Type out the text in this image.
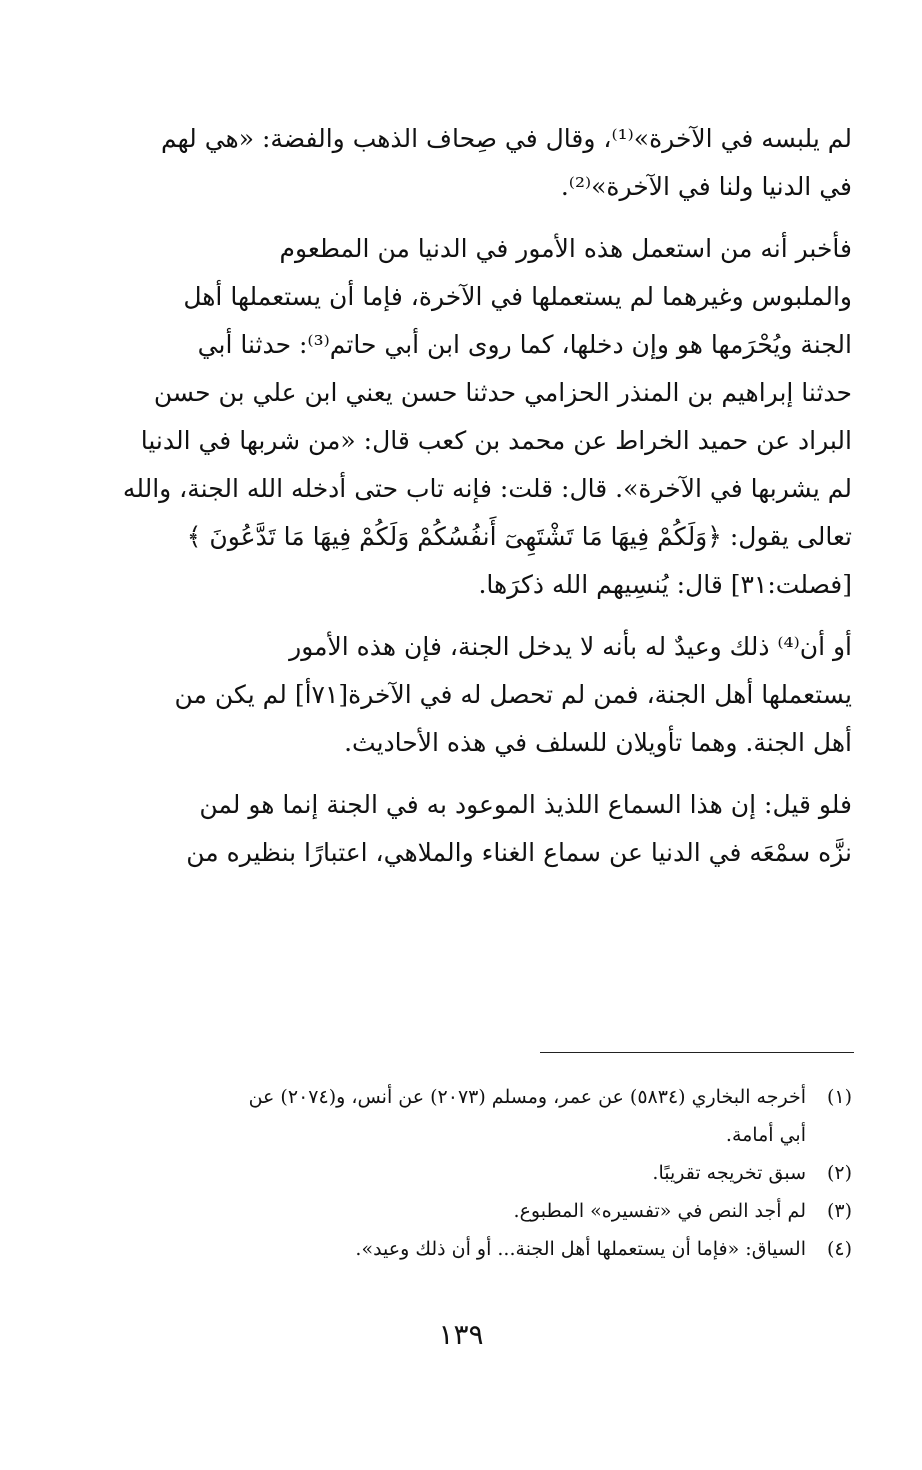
لم يلبسه في الآخرة»⁽¹⁾، وقال في صِحاف الذهب والفضة: «هي لهم
في الدنيا ولنا في الآخرة»⁽²⁾.

فأخبر أنه من استعمل هذه الأمور في الدنيا من المطعوم
والملبوس وغيرهما لم يستعملها في الآخرة، فإما أن يستعملها أهل
الجنة ويُحْرَمها هو وإن دخلها، كما روى ابن أبي حاتم⁽³⁾: حدثنا أبي
حدثنا إبراهيم بن المنذر الحزامي حدثنا حسن يعني ابن علي بن حسن
البراد عن حميد الخراط عن محمد بن كعب قال: «من شربها في الدنيا
لم يشربها في الآخرة». قال: قلت: فإنه تاب حتى أدخله الله الجنة، والله
تعالى يقول: ﴿وَلَكُمْ فِيهَا مَا تَشْتَهِىٓ أَنفُسُكُمْ وَلَكُمْ فِيهَا مَا تَدَّعُونَ ﴾
[فصلت:٣١] قال: يُنسِيهم الله ذكرَها.

أو أن⁽⁴⁾ ذلك وعيدٌ له بأنه لا يدخل الجنة، فإن هذه الأمور
يستعملها أهل الجنة، فمن لم تحصل له في الآخرة[٧١أ] لم يكن من
أهل الجنة. وهما تأويلان للسلف في هذه الأحاديث.

فلو قيل: إن هذا السماع اللذيذ الموعود به في الجنة إنما هو لمن
نزَّه سمْعَه في الدنيا عن سماع الغناء والملاهي، اعتبارًا بنظيره من

(١)
أخرجه البخاري (٥٨٣٤) عن عمر، ومسلم (٢٠٧٣) عن أنس، و(٢٠٧٤) عن
أبي أمامة.
(٢)
سبق تخريجه تقريبًا.
(٣)
لم أجد النص في «تفسيره» المطبوع.
(٤)
السياق: «فإما أن يستعملها أهل الجنة... أو أن ذلك وعيد».
١٣٩
